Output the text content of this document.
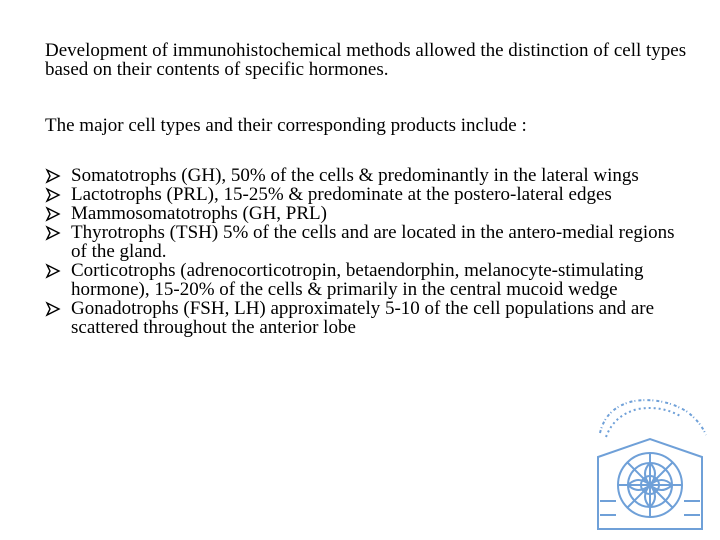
Development of immunohistochemical methods allowed the distinction of cell types based on their contents of specific hormones.

The major cell types and their corresponding products include :

Somatotrophs (GH), 50% of the cells & predominantly in the lateral wings
Lactotrophs (PRL), 15-25% & predominate at the postero-lateral edges
Mammosomatotrophs (GH, PRL)
Thyrotrophs (TSH) 5% of the cells and are located in the antero-medial regions of the gland.
Corticotrophs (adrenocorticotropin, betaendorphin, melanocyte-stimulating hormone), 15-20% of the cells & primarily in the central mucoid wedge
Gonadotrophs (FSH, LH) approximately 5-10 of the cell populations and are scattered throughout the anterior lobe
